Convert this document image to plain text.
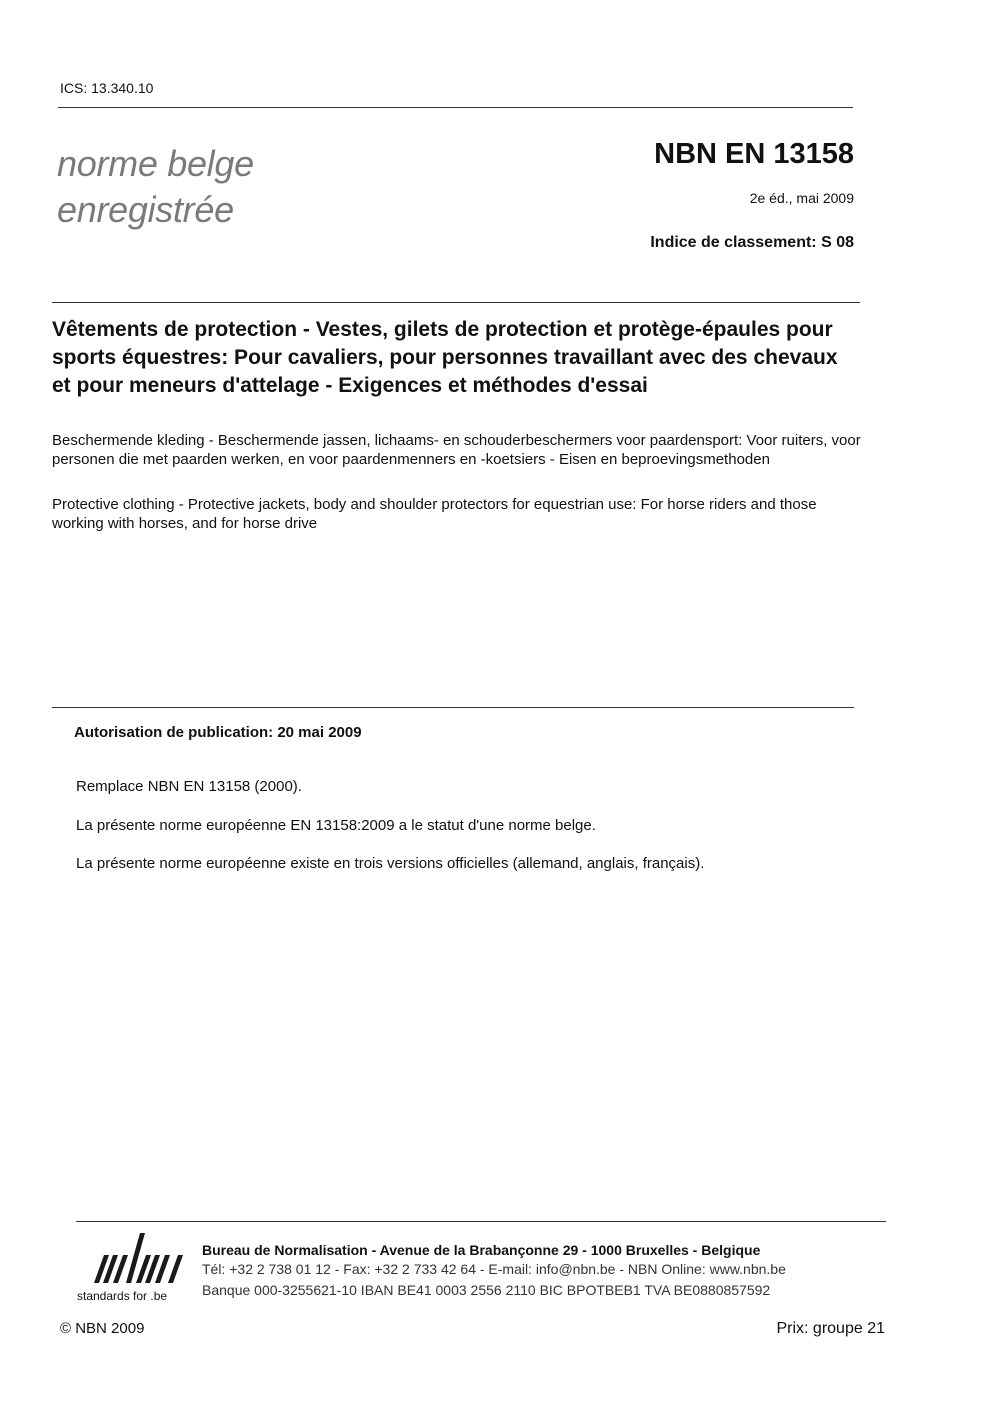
ICS: 13.340.10
norme belge
enregistrée
NBN EN 13158
2e éd., mai 2009
Indice de classement: S 08
Vêtements de protection - Vestes, gilets de protection et protège-épaules pour sports équestres: Pour cavaliers, pour personnes travaillant avec des chevaux et pour meneurs d'attelage - Exigences et méthodes d'essai
Beschermende kleding - Beschermende jassen, lichaams- en schouderbeschermers voor paardensport: Voor ruiters, voor personen die met paarden werken, en voor paardenmenners en -koetsiers - Eisen en beproevingsmethoden
Protective clothing - Protective jackets, body and shoulder protectors for equestrian use: For horse riders and those working with horses, and for horse drive
Autorisation de publication: 20 mai 2009
Remplace NBN EN 13158 (2000).
La présente norme européenne EN 13158:2009 a le statut d'une norme belge.
La présente norme européenne existe en trois versions officielles (allemand, anglais, français).
standards for .be
Bureau de Normalisation - Avenue de la Brabançonne 29 - 1000 Bruxelles - Belgique
Tél: +32 2 738 01 12 - Fax: +32 2 733 42 64 - E-mail: info@nbn.be - NBN Online: www.nbn.be
Banque 000-3255621-10 IBAN BE41 0003 2556 2110 BIC BPOTBEB1 TVA BE0880857592
© NBN 2009	Prix: groupe 21
